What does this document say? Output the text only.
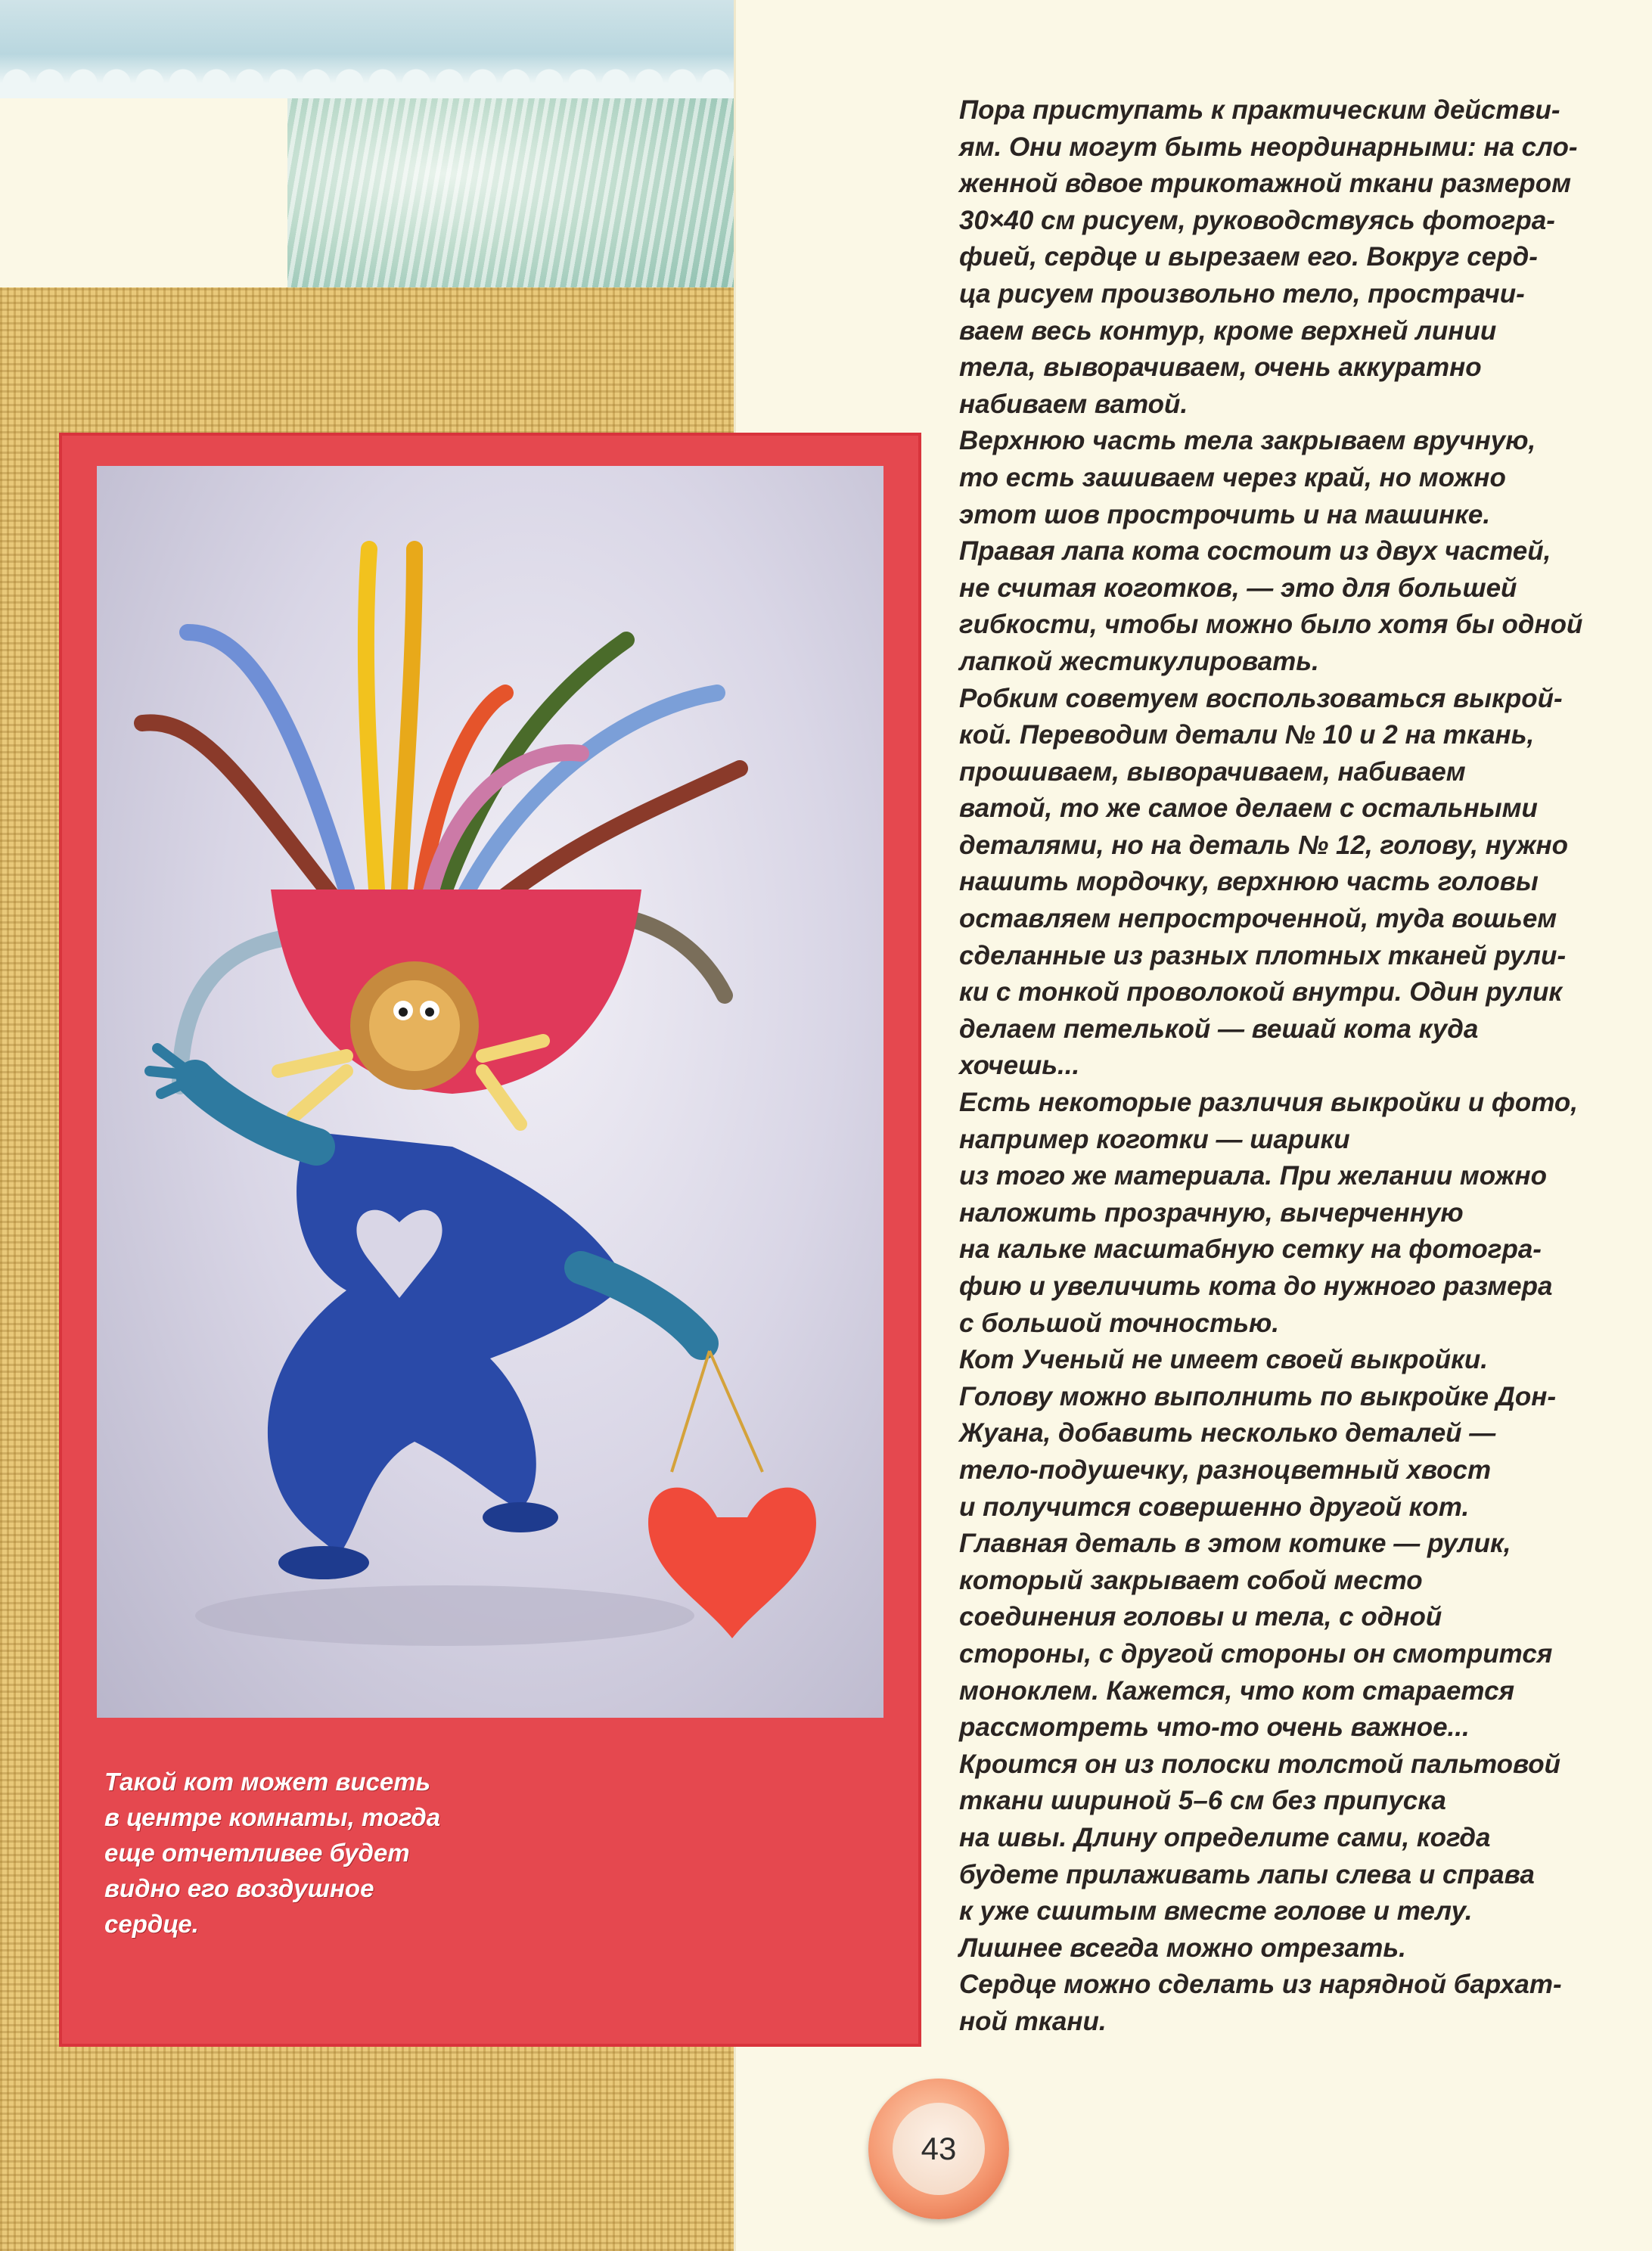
Такой кот может висеть
в центре комнаты, тогда
еще отчетливее будет
видно его воздушное
сердце.

Пора приступать к практическим действи-
ям. Они могут быть неординарными: на сло-
женной вдвое трикотажной ткани размером
30×40 см рисуем, руководствуясь фотогра-
фией, сердце и вырезаем его. Вокруг серд-
ца рисуем произвольно тело, прострачи-
ваем весь контур, кроме верхней линии
тела, выворачиваем, очень аккуратно
набиваем ватой.

Верхнюю часть тела закрываем вручную,
то есть зашиваем через край, но можно
этот шов прострочить и на машинке.

Правая лапа кота состоит из двух частей,
не считая коготков, — это для большей
гибкости, чтобы можно было хотя бы одной
лапкой жестикулировать.

Робким советуем воспользоваться выкрой-
кой. Переводим детали № 10 и 2 на ткань,
прошиваем, выворачиваем, набиваем
ватой, то же самое делаем с остальными
деталями, но на деталь № 12, голову, нужно
нашить мордочку, верхнюю часть головы
оставляем непростроченной, туда вошьем
сделанные из разных плотных тканей рули-
ки с тонкой проволокой внутри. Один рулик
делаем петелькой — вешай кота куда
хочешь...

Есть некоторые различия выкройки и фото,
например коготки — шарики
из того же материала. При желании можно
наложить прозрачную, вычерченную
на кальке масштабную сетку на фотогра-
фию и увеличить кота до нужного размера
с большой точностью.

Кот Ученый не имеет своей выкройки.
Голову можно выполнить по выкройке Дон-
Жуана, добавить несколько деталей —
тело-подушечку, разноцветный хвост
и получится совершенно другой кот.

Главная деталь в этом котике — рулик,
который закрывает собой место
соединения головы и тела, с одной
стороны, с другой стороны он смотрится
моноклем. Кажется, что кот старается
рассмотреть что-то очень важное...

Кроится он из полоски толстой пальтовой
ткани шириной 5–6 см без припуска
на швы. Длину определите сами, когда
будете прилаживать лапы слева и справа
к уже сшитым вместе голове и телу.
Лишнее всегда можно отрезать.

Сердце можно сделать из нарядной бархат-
ной ткани.

43
